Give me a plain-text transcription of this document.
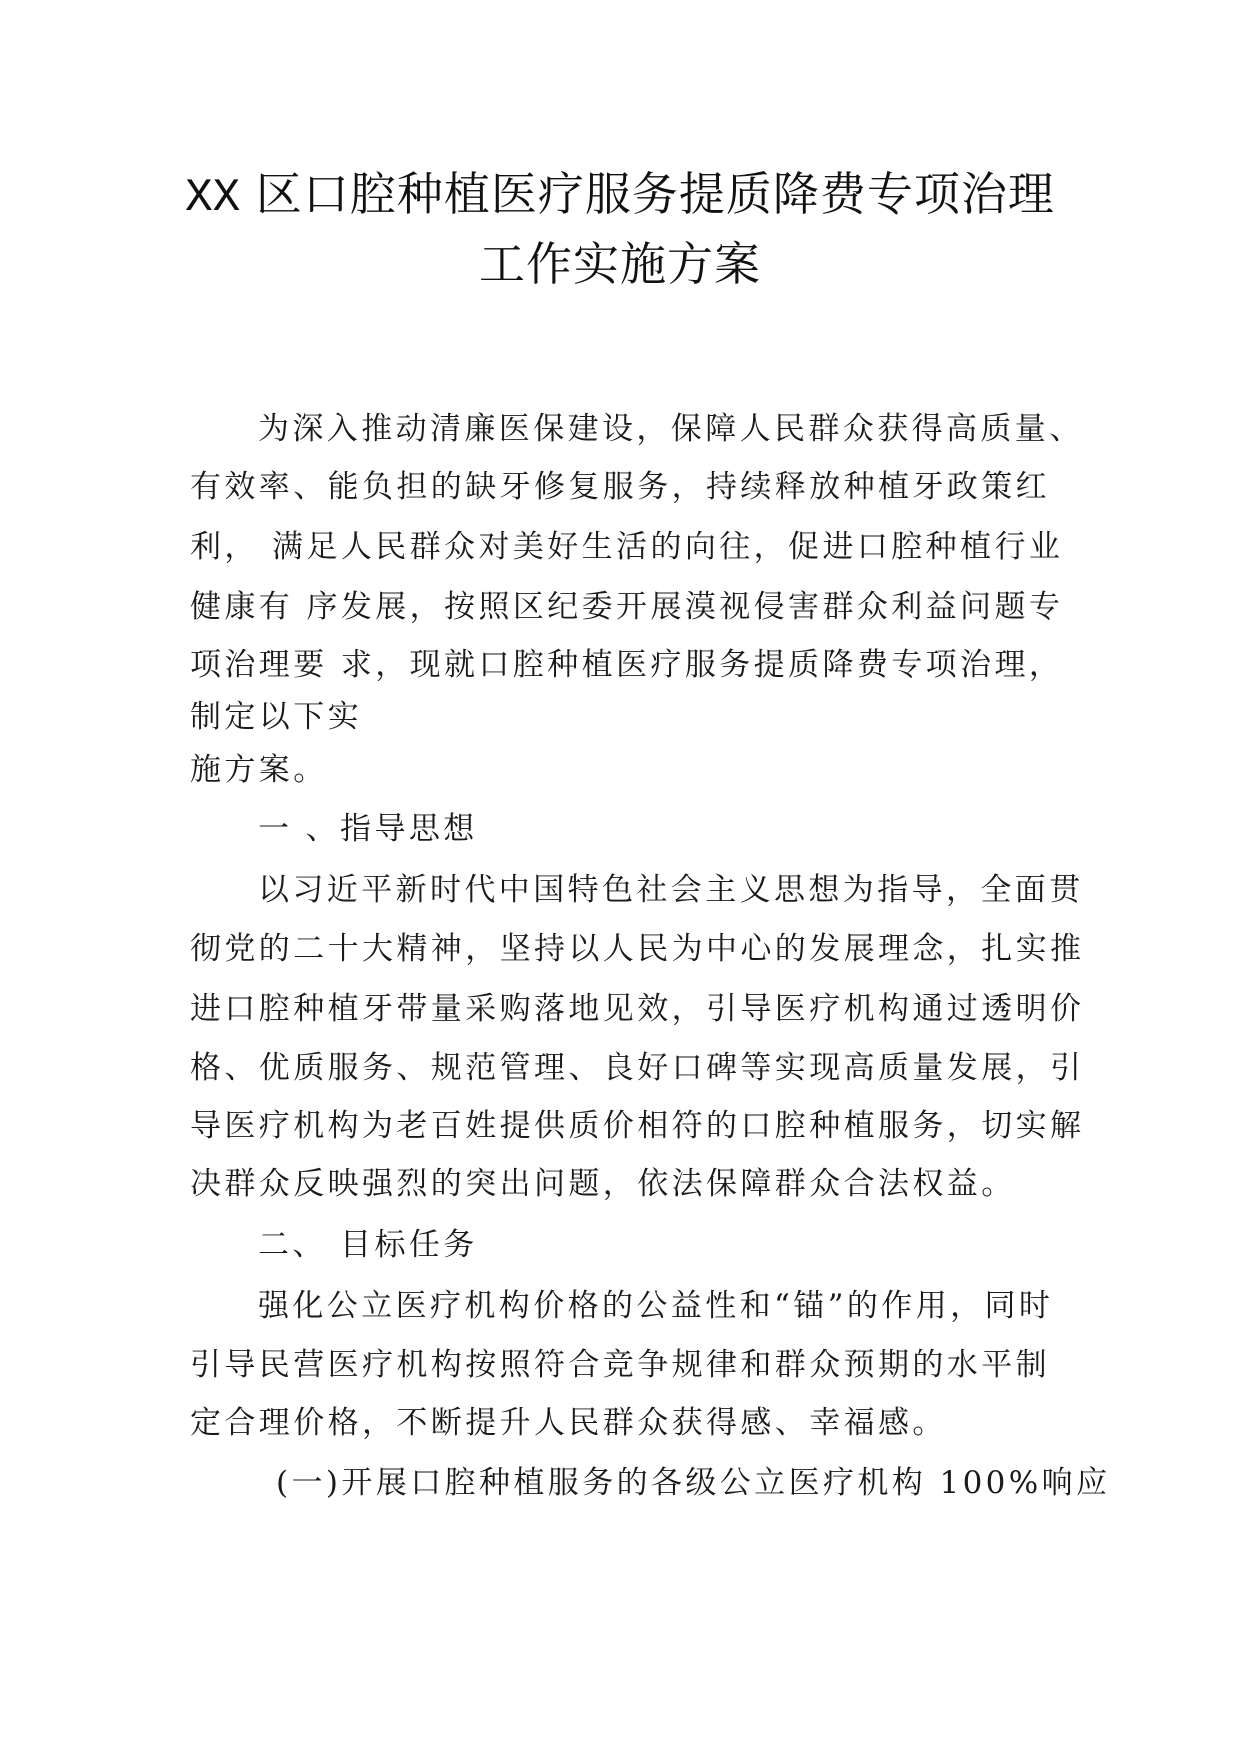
XX 区口腔种植医疗服务提质降费专项治理
工作实施方案
为深入推动清廉医保建设，保障人民群众获得高质量、
有效率、能负担的缺牙修复服务，持续释放种植牙政策红
利， 满足人民群众对美好生活的向往，促进口腔种植行业
健康有 序发展，按照区纪委开展漠视侵害群众利益问题专
项治理要 求，现就口腔种植医疗服务提质降费专项治理，
制定以下实
施方案。
一 、指导思想
以习近平新时代中国特色社会主义思想为指导，全面贯
彻党的二十大精神，坚持以人民为中心的发展理念，扎实推
进口腔种植牙带量采购落地见效，引导医疗机构通过透明价
格、优质服务、规范管理、良好口碑等实现高质量发展，引
导医疗机构为老百姓提供质价相符的口腔种植服务，切实解
决群众反映强烈的突出问题，依法保障群众合法权益。
二、 目标任务
强化公立医疗机构价格的公益性和“锚”的作用，同时
引导民营医疗机构按照符合竞争规律和群众预期的水平制
定合理价格，不断提升人民群众获得感、幸福感。
(一)开展口腔种植服务的各级公立医疗机构 100%响应
